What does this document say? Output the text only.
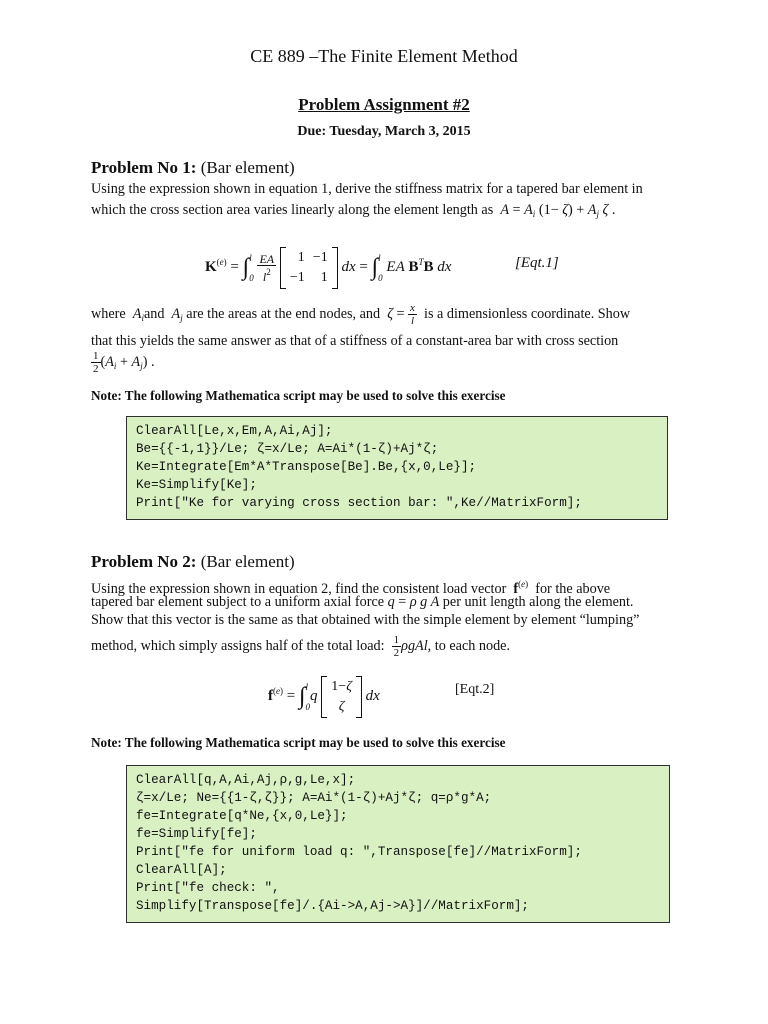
CE 889 –The Finite Element Method
Problem Assignment #2
Due: Tuesday, March 3, 2015
Problem No 1: (Bar element)
Using the expression shown in equation 1, derive the stiffness matrix for a tapered bar element in
which the cross section area varies linearly along the element length as $A = A_i$ $(1- \zeta) + A_j$ ζ .
$K^{(e)} = \int l$
$0 \frac{EA}{l^2} 1$	−1
−1	1 dx = ∫l
0 EA $B^TB$ dx	[Eqt.1]
where $A_iand$ $A_j$ are the areas at the end nodes, and $\zeta = \frac{x}{l}$ is a dimensionless coordinate. Show
that this yields the same answer as that of a stiffness of a constant-area bar with cross section
$\frac{1}{2} (A_i + A_j)$ .
Note: The following Mathematica script may be used to solve this exercise
ClearAll[Le,x,Em,A,Ai,Aj];
Be={{-1,1}}/Le; ζ=x/Le; A=Ai*(1-ζ)+Aj*ζ;
Ke=Integrate[Em*A*Transpose[Be].Be,{x,0,Le}];
Ke=Simplify[Ke];
Print["Ke for varying cross section bar: ",Ke//MatrixForm];
Problem No 2: (Bar element)
Using the expression shown in equation 2, find the consistent load vector $f^{(e)}$ for the above
tapered bar element subject to a uniform axial force q = ρ g A per unit length along the element.
Show that this vector is the same as that obtained with the simple element by element “lumping”
method, which simply assigns half of the total load: $\frac{1}{2} \rho gAl$, to each node.
$f^{(e)} = \int l$
0q 1−ζ
ζ dx	[Eqt.2]
Note: The following Mathematica script may be used to solve this exercise
ClearAll[q,A,Ai,Aj,ρ,g,Le,x];
ζ=x/Le; Ne={{1-ζ,ζ}}; A=Ai*(1-ζ)+Aj*ζ; q=ρ*g*A;
fe=Integrate[q*Ne,{x,0,Le}];
fe=Simplify[fe];
Print["fe for uniform load q: ",Transpose[fe]//MatrixForm];
ClearAll[A];
Print["fe check: ",
Simplify[Transpose[fe]/.{Ai->A,Aj->A}]//MatrixForm];
